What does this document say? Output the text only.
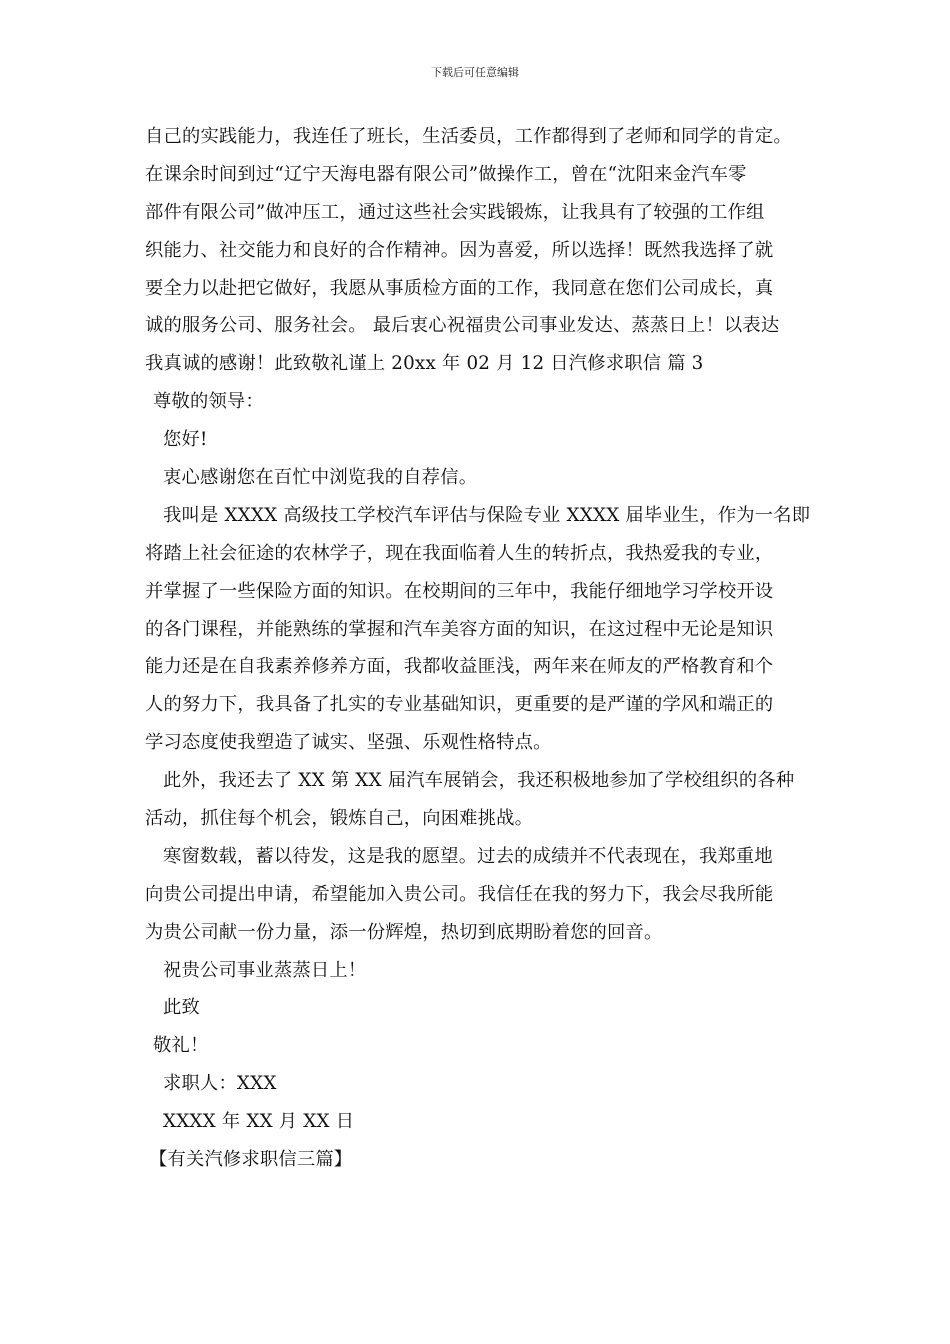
下载后可任意编辑
自己的实践能力，我连任了班长，生活委员，工作都得到了老师和同学的肯定。
在课余时间到过“辽宁天海电器有限公司”做操作工，曾在“沈阳来金汽车零
部件有限公司”做冲压工，通过这些社会实践锻炼，让我具有了较强的工作组
织能力、社交能力和良好的合作精神。因为喜爱，所以选择！既然我选择了就
要全力以赴把它做好，我愿从事质检方面的工作，我同意在您们公司成长，真
诚的服务公司、服务社会。 最后衷心祝福贵公司事业发达、蒸蒸日上！以表达
我真诚的感谢！此致敬礼谨上 20xx 年 02 月 12 日汽修求职信 篇 3
尊敬的领导：
您好!
衷心感谢您在百忙中浏览我的自荐信。
我叫是 XXXX 高级技工学校汽车评估与保险专业 XXXX 届毕业生，作为一名即
将踏上社会征途的农林学子，现在我面临着人生的转折点，我热爱我的专业，
并掌握了一些保险方面的知识。在校期间的三年中，我能仔细地学习学校开设
的各门课程，并能熟练的掌握和汽车美容方面的知识，在这过程中无论是知识
能力还是在自我素养修养方面，我都收益匪浅，两年来在师友的严格教育和个
人的努力下，我具备了扎实的专业基础知识，更重要的是严谨的学风和端正的
学习态度使我塑造了诚实、坚强、乐观性格特点。
此外，我还去了 XX 第 XX 届汽车展销会，我还积极地参加了学校组织的各种
活动，抓住每个机会，锻炼自己，向困难挑战。
寒窗数载，蓄以待发，这是我的愿望。过去的成绩并不代表现在，我郑重地
向贵公司提出申请，希望能加入贵公司。我信任在我的努力下，我会尽我所能
为贵公司献一份力量，添一份辉煌，热切到底期盼着您的回音。
祝贵公司事业蒸蒸日上！
此致
敬礼！
求职人：XXX
XXXX 年 XX 月 XX 日
【有关汽修求职信三篇】
